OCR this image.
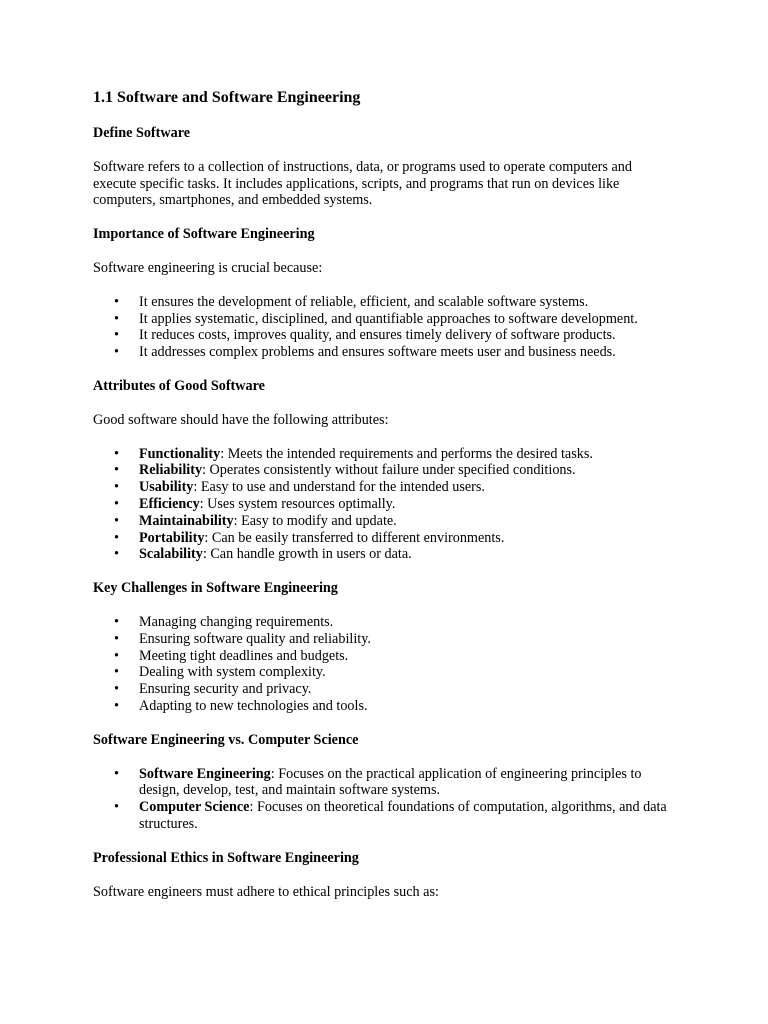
1.1 Software and Software Engineering
Define Software

Software refers to a collection of instructions, data, or programs used to operate computers and execute specific tasks. It includes applications, scripts, and programs that run on devices like computers, smartphones, and embedded systems.

Importance of Software Engineering

Software engineering is crucial because:

• It ensures the development of reliable, efficient, and scalable software systems.
• It applies systematic, disciplined, and quantifiable approaches to software development.
• It reduces costs, improves quality, and ensures timely delivery of software products.
• It addresses complex problems and ensures software meets user and business needs.
Attributes of Good Software

Good software should have the following attributes:

• Functionality: Meets the intended requirements and performs the desired tasks.
• Reliability: Operates consistently without failure under specified conditions.
• Usability: Easy to use and understand for the intended users.
• Efficiency: Uses system resources optimally.
• Maintainability: Easy to modify and update.
• Portability: Can be easily transferred to different environments.
• Scalability: Can handle growth in users or data.
Key Challenges in Software Engineering
• Managing changing requirements.
• Ensuring software quality and reliability.
• Meeting tight deadlines and budgets.
• Dealing with system complexity.
• Ensuring security and privacy.
• Adapting to new technologies and tools.
Software Engineering vs. Computer Science
• Software Engineering: Focuses on the practical application of engineering principles to design, develop, test, and maintain software systems.
• Computer Science: Focuses on theoretical foundations of computation, algorithms, and data structures.
Professional Ethics in Software Engineering

Software engineers must adhere to ethical principles such as:
